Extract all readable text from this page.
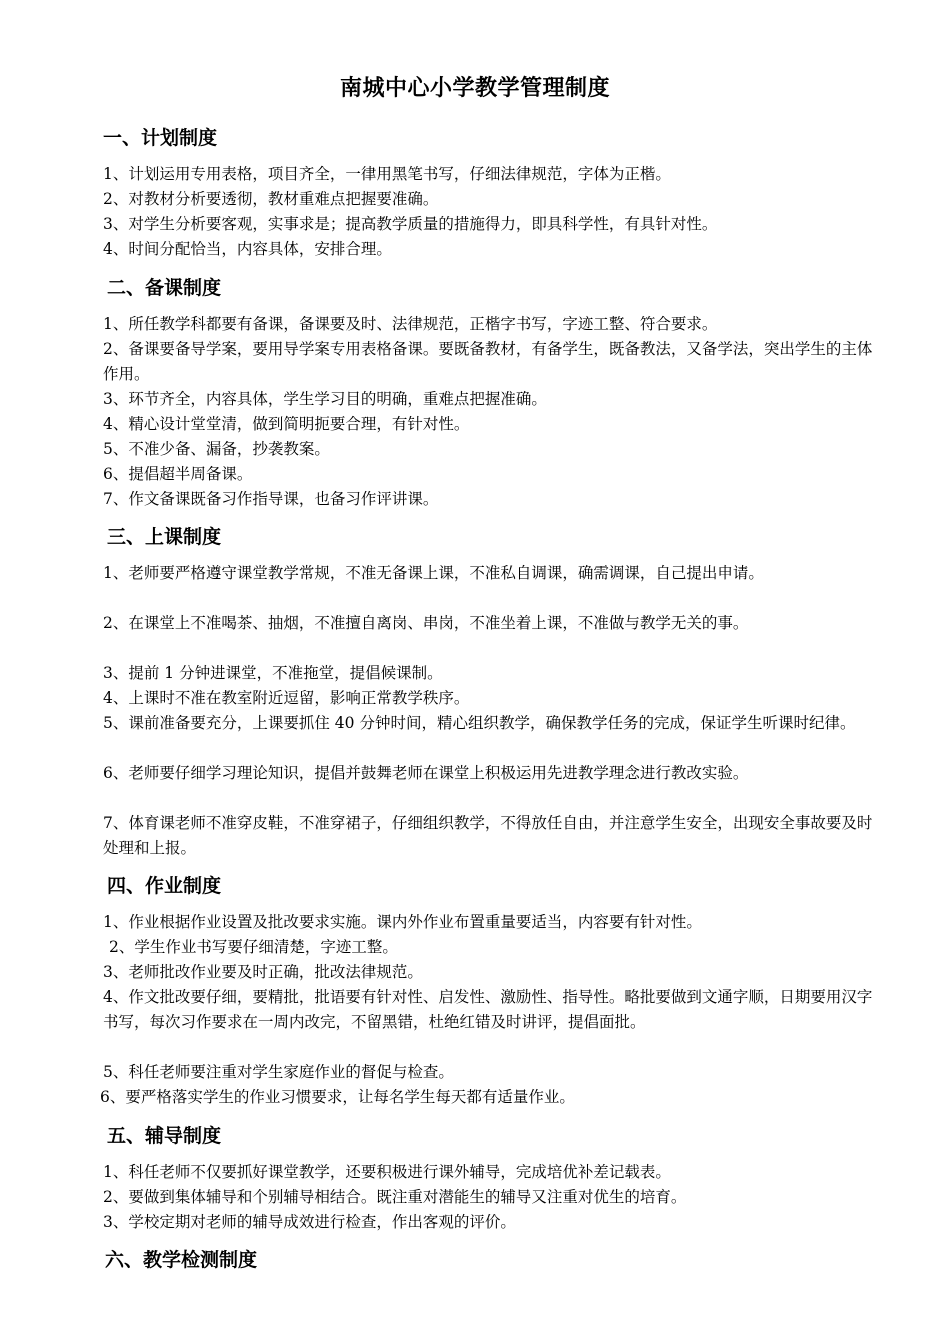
南城中心小学教学管理制度
一、计划制度
1、计划运用专用表格，项目齐全，一律用黑笔书写，仔细法律规范，字体为正楷。
2、对教材分析要透彻，教材重难点把握要准确。
3、对学生分析要客观，实事求是；提高教学质量的措施得力，即具科学性，有具针对性。
4、时间分配恰当，内容具体，安排合理。
二、备课制度
1、所任教学科都要有备课，备课要及时、法律规范，正楷字书写，字迹工整、符合要求。
2、备课要备导学案，要用导学案专用表格备课。要既备教材，有备学生，既备教法，又备学法，突出学生的主体作用。
3、环节齐全，内容具体，学生学习目的明确，重难点把握准确。
4、精心设计堂堂清，做到简明扼要合理，有针对性。
5、不准少备、漏备，抄袭教案。
6、提倡超半周备课。
7、作文备课既备习作指导课，也备习作评讲课。
三、上课制度
1、老师要严格遵守课堂教学常规，不准无备课上课，不准私自调课，确需调课，自己提出申请。
2、在课堂上不准喝茶、抽烟，不准擅自离岗、串岗，不准坐着上课，不准做与教学无关的事。
3、提前 1 分钟进课堂，不准拖堂，提倡候课制。
4、上课时不准在教室附近逗留，影响正常教学秩序。
5、课前准备要充分，上课要抓住 40 分钟时间，精心组织教学，确保教学任务的完成，保证学生听课时纪律。
6、老师要仔细学习理论知识，提倡并鼓舞老师在课堂上积极运用先进教学理念进行教改实验。
7、体育课老师不准穿皮鞋，不准穿裙子，仔细组织教学，不得放任自由，并注意学生安全，出现安全事故要及时处理和上报。
四、作业制度
1、作业根据作业设置及批改要求实施。课内外作业布置重量要适当，内容要有针对性。
2、学生作业书写要仔细清楚，字迹工整。
3、老师批改作业要及时正确，批改法律规范。
4、作文批改要仔细，要精批，批语要有针对性、启发性、激励性、指导性。略批要做到文通字顺，日期要用汉字书写，每次习作要求在一周内改完，不留黑错，杜绝红错及时讲评，提倡面批。
5、科任老师要注重对学生家庭作业的督促与检查。
6、要严格落实学生的作业习惯要求，让每名学生每天都有适量作业。
五、辅导制度
1、科任老师不仅要抓好课堂教学，还要积极进行课外辅导，完成培优补差记载表。
2、要做到集体辅导和个别辅导相结合。既注重对潜能生的辅导又注重对优生的培育。
3、学校定期对老师的辅导成效进行检查，作出客观的评价。
六、教学检测制度
